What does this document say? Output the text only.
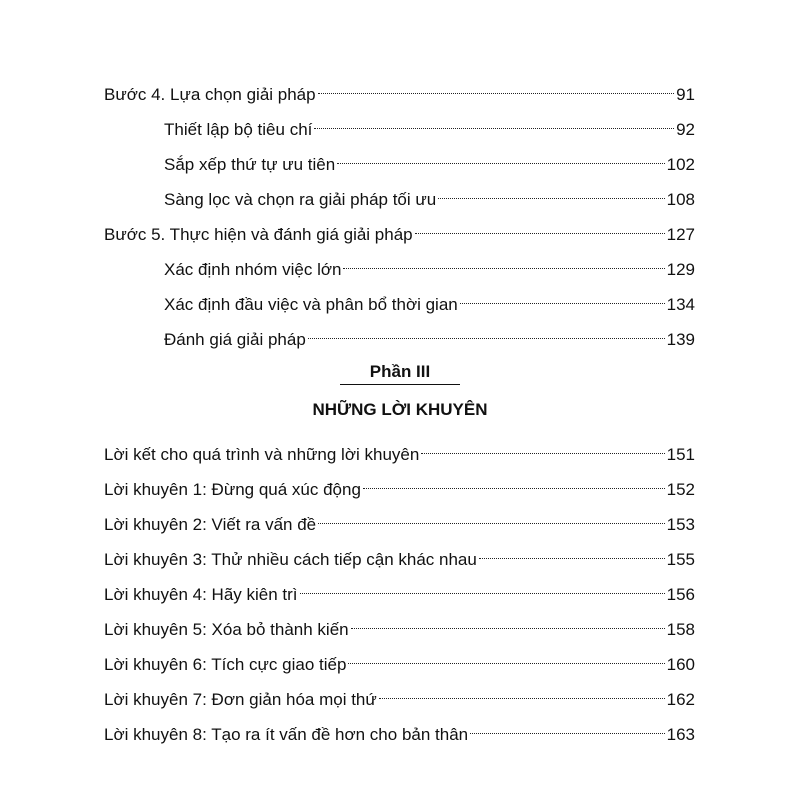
Bước 4. Lựa chọn giải pháp	91
Thiết lập bộ tiêu chí	92
Sắp xếp thứ tự ưu tiên	102
Sàng lọc và chọn ra giải pháp tối ưu	108
Bước 5. Thực hiện và đánh giá giải pháp	127
Xác định nhóm việc lớn	129
Xác định đầu việc và phân bổ thời gian	134
Đánh giá giải pháp	139
Phần III
NHỮNG LỜI KHUYÊN
Lời kết cho quá trình và những lời khuyên	151
Lời khuyên 1: Đừng quá xúc động	152
Lời khuyên 2: Viết ra vấn đề	153
Lời khuyên 3: Thử nhiều cách tiếp cận khác nhau	155
Lời khuyên 4: Hãy kiên trì	156
Lời khuyên 5: Xóa bỏ thành kiến	158
Lời khuyên 6: Tích cực giao tiếp	160
Lời khuyên 7: Đơn giản hóa mọi thứ	162
Lời khuyên 8: Tạo ra ít vấn đề hơn cho bản thân	163
